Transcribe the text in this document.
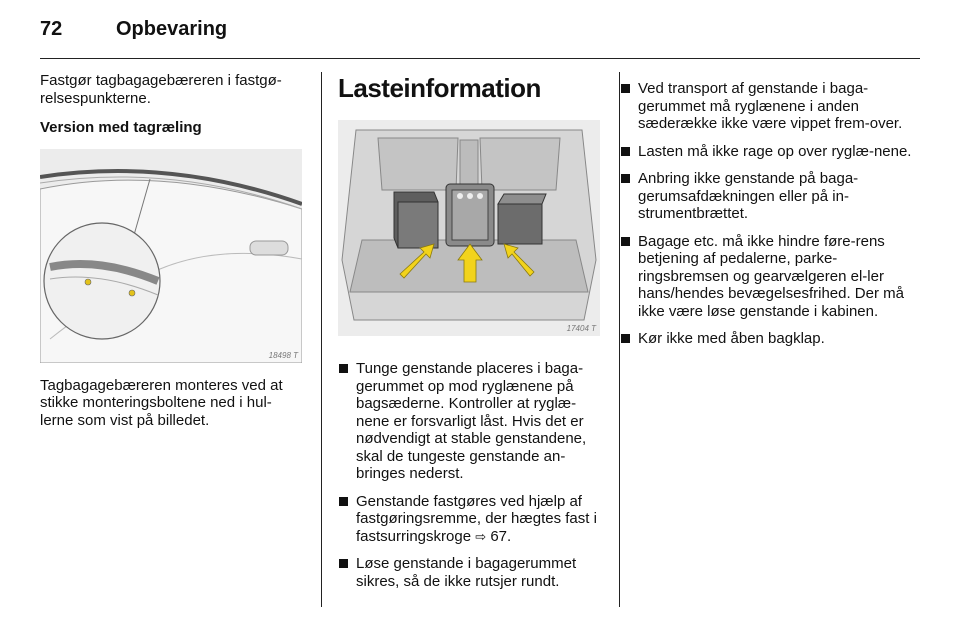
72	Opbevaring

Fastgør tagbagagebæreren i fastgø-relsespunkterne.

Version med tagræling

18498 T

Tagbagagebæreren monteres ved at stikke monteringsboltene ned i hul-lerne som vist på billedet.

Lasteinformation
17404 T
Tunge genstande placeres i baga-gerummet op mod ryglænene på bagsæderne. Kontroller at ryglæ-nene er forsvarligt låst. Hvis det er nødvendigt at stable genstandene, skal de tungeste genstande an-bringes nederst.
Genstande fastgøres ved hjælp af fastgøringsremme, der hægtes fast i fastsurringskroge ⇨ 67.
Løse genstande i bagagerummet sikres, så de ikke rutsjer rundt.
Ved transport af genstande i baga-gerummet må ryglænene i anden sæderække ikke være vippet frem-over.
Lasten må ikke rage op over ryglæ-nene.
Anbring ikke genstande på baga-gerumsafdækningen eller på in-strumentbrættet.
Bagage etc. må ikke hindre føre-rens betjening af pedalerne, parke-ringsbremsen og gearvælgeren el-ler hans/hendes bevægelsesfrihed. Der må ikke være løse genstande i kabinen.
Kør ikke med åben bagklap.
